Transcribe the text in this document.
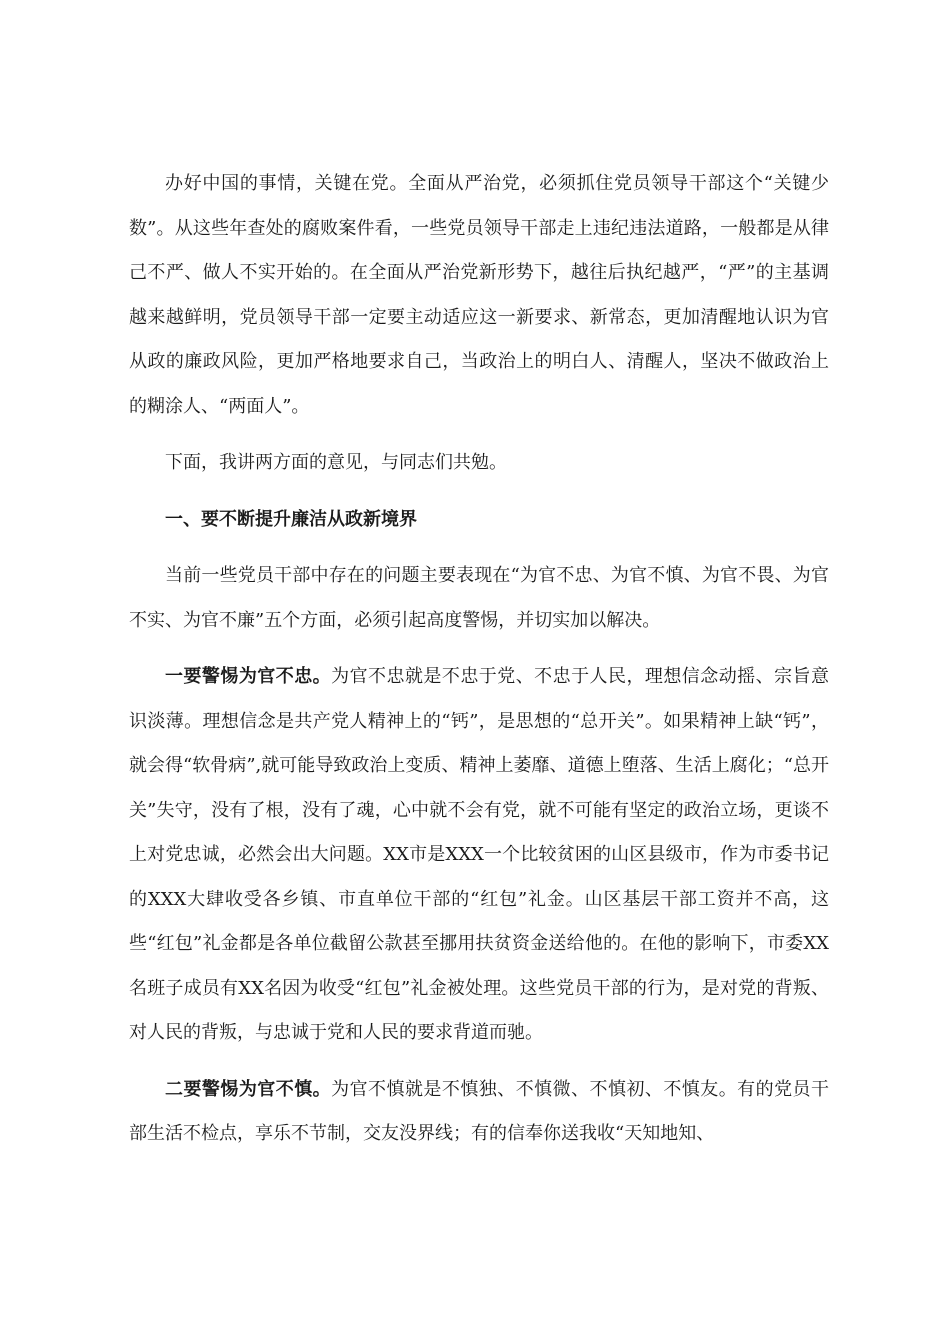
办好中国的事情，关键在党。全面从严治党，必须抓住党员领导干部这个“关键少数”。从这些年查处的腐败案件看，一些党员领导干部走上违纪违法道路，一般都是从律己不严、做人不实开始的。在全面从严治党新形势下，越往后执纪越严，“严”的主基调越来越鲜明，党员领导干部一定要主动适应这一新要求、新常态，更加清醒地认识为官从政的廉政风险，更加严格地要求自己，当政治上的明白人、清醒人，坚决不做政治上的糊涂人、“两面人”。

下面，我讲两方面的意见，与同志们共勉。

一、要不断提升廉洁从政新境界

当前一些党员干部中存在的问题主要表现在“为官不忠、为官不慎、为官不畏、为官不实、为官不廉”五个方面，必须引起高度警惕，并切实加以解决。

一要警惕为官不忠。为官不忠就是不忠于党、不忠于人民，理想信念动摇、宗旨意识淡薄。理想信念是共产党人精神上的“钙”，是思想的“总开关”。如果精神上缺“钙”，就会得“软骨病”,就可能导致政治上变质、精神上萎靡、道德上堕落、生活上腐化；“总开关”失守，没有了根，没有了魂，心中就不会有党，就不可能有坚定的政治立场，更谈不上对党忠诚，必然会出大问题。XX市是XXX一个比较贫困的山区县级市，作为市委书记的XXX大肆收受各乡镇、市直单位干部的“红包”礼金。山区基层干部工资并不高，这些“红包”礼金都是各单位截留公款甚至挪用扶贫资金送给他的。在他的影响下，市委XX名班子成员有XX名因为收受“红包”礼金被处理。这些党员干部的行为，是对党的背叛、对人民的背叛，与忠诚于党和人民的要求背道而驰。

二要警惕为官不慎。为官不慎就是不慎独、不慎微、不慎初、不慎友。有的党员干部生活不检点，享乐不节制，交友没界线；有的信奉你送我收“天知地知、
